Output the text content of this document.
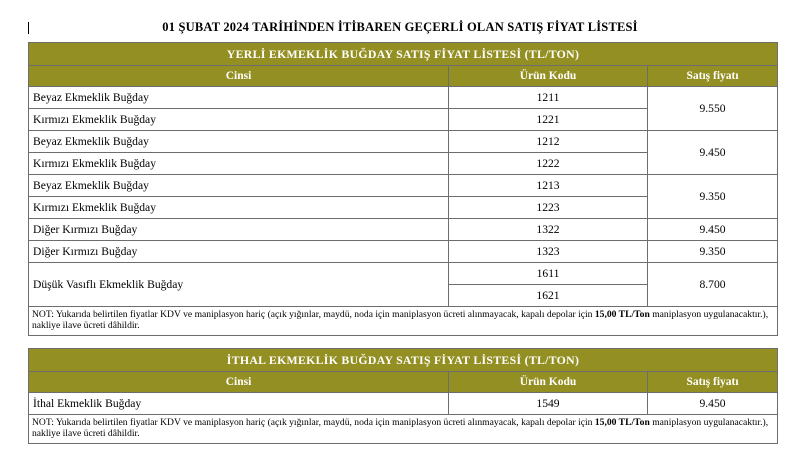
01 ŞUBAT 2024 TARİHİNDEN İTİBAREN GEÇERLİ OLAN SATIŞ FİYAT LİSTESİ
YERLİ EKMEKLİK BUĞDAY SATIŞ FİYAT LİSTESİ (TL/TON)		
Cinsi	Ürün Kodu	Satış fiyatı
Beyaz Ekmeklik Buğday	1211	9.550
Kırmızı Ekmeklik Buğday	1221	
Beyaz Ekmeklik Buğday	1212	9.450
Kırmızı Ekmeklik Buğday	1222	
Beyaz Ekmeklik Buğday	1213	9.350
Kırmızı Ekmeklik Buğday	1223	
Diğer Kırmızı Buğday	1322	9.450
Diğer Kırmızı Buğday	1323	9.350
Düşük Vasıflı Ekmeklik Buğday	1611	8.700
	1621	
NOT: Yukarıda belirtilen fiyatlar KDV ve maniplasyon hariç (açık yığınlar, maydü, noda için maniplasyon ücreti alınmayacak, kapalı depolar için 15,00 TL/Ton maniplasyon uygulanacaktır.), nakliye ilave ücreti dâhildir.		
İTHAL EKMEKLİK BUĞDAY SATIŞ FİYAT LİSTESİ (TL/TON)		
Cinsi	Ürün Kodu	Satış fiyatı
İthal Ekmeklik Buğday	1549	9.450
NOT: Yukarıda belirtilen fiyatlar KDV ve maniplasyon hariç (açık yığınlar, maydü, noda için maniplasyon ücreti alınmayacak, kapalı depolar için 15,00 TL/Ton maniplasyon uygulanacaktır.), nakliye ilave ücreti dâhildir.		
